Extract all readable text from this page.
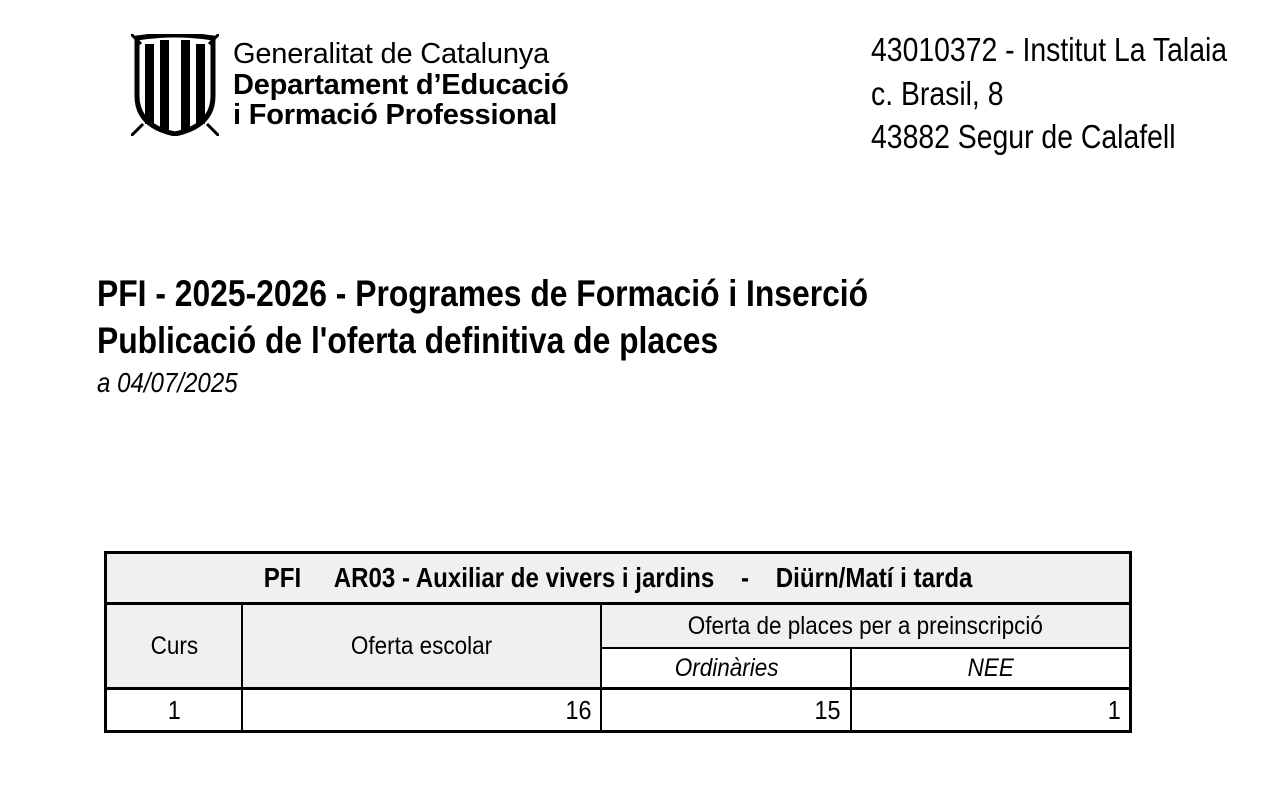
Generalitat de Catalunya
Departament d’Educació
i Formació Professional
43010372 - Institut La Talaia
c. Brasil, 8
43882 Segur de Calafell
PFI - 2025-2026 - Programes de Formació i Inserció
Publicació de l'oferta definitiva de places
a 04/07/2025
PFI     AR03 - Auxiliar de vivers i jardins    -    Diürn/Matí i tarda			
Curs	Oferta escolar	Oferta de places per a preinscripció	
		Ordinàries	NEE
1	16	15	1
